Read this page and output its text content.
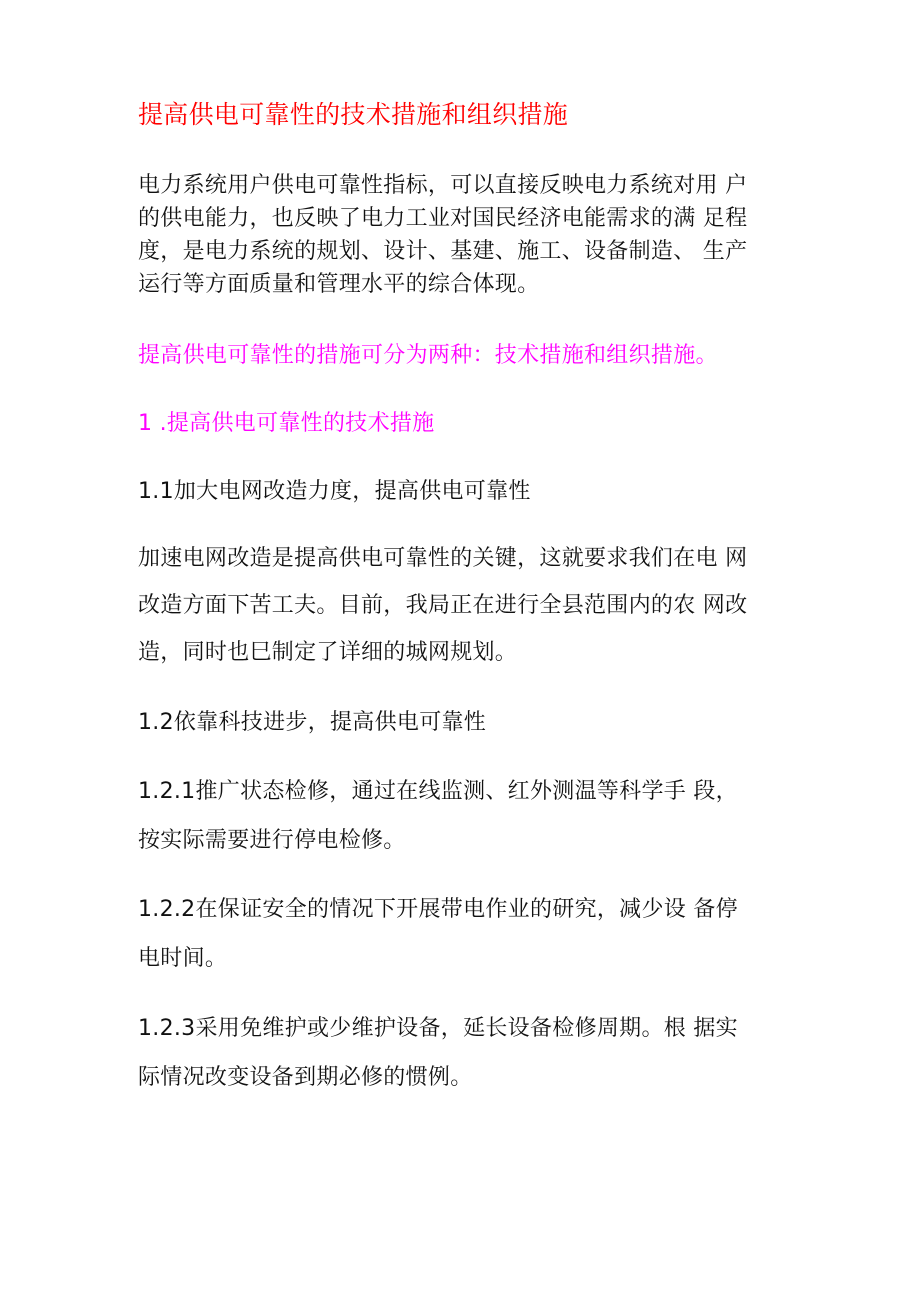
提高供电可靠性的技术措施和组织措施
电力系统用户供电可靠性指标，可以直接反映电力系统对用 户
的供电能力，也反映了电力工业对国民经济电能需求的满 足程
度，是电力系统的规划、设计、基建、施工、设备制造、 生产
运行等方面质量和管理水平的综合体现。
提高供电可靠性的措施可分为两种：技术措施和组织措施。
1 .提高供电可靠性的技术措施
1.1加大电网改造力度，提高供电可靠性
加速电网改造是提高供电可靠性的关键，这就要求我们在电 网
改造方面下苦工夫。目前，我局正在进行全县范围内的农 网改
造，同时也巳制定了详细的城网规划。
1.2依靠科技进步，提高供电可靠性
1.2.1推广状态检修，通过在线监测、红外测温等科学手 段，
按实际需要进行停电检修。
1.2.2在保证安全的情况下开展带电作业的研究，减少设 备停
电时间。
1.2.3采用免维护或少维护设备，延长设备检修周期。根 据实
际情况改变设备到期必修的惯例。
